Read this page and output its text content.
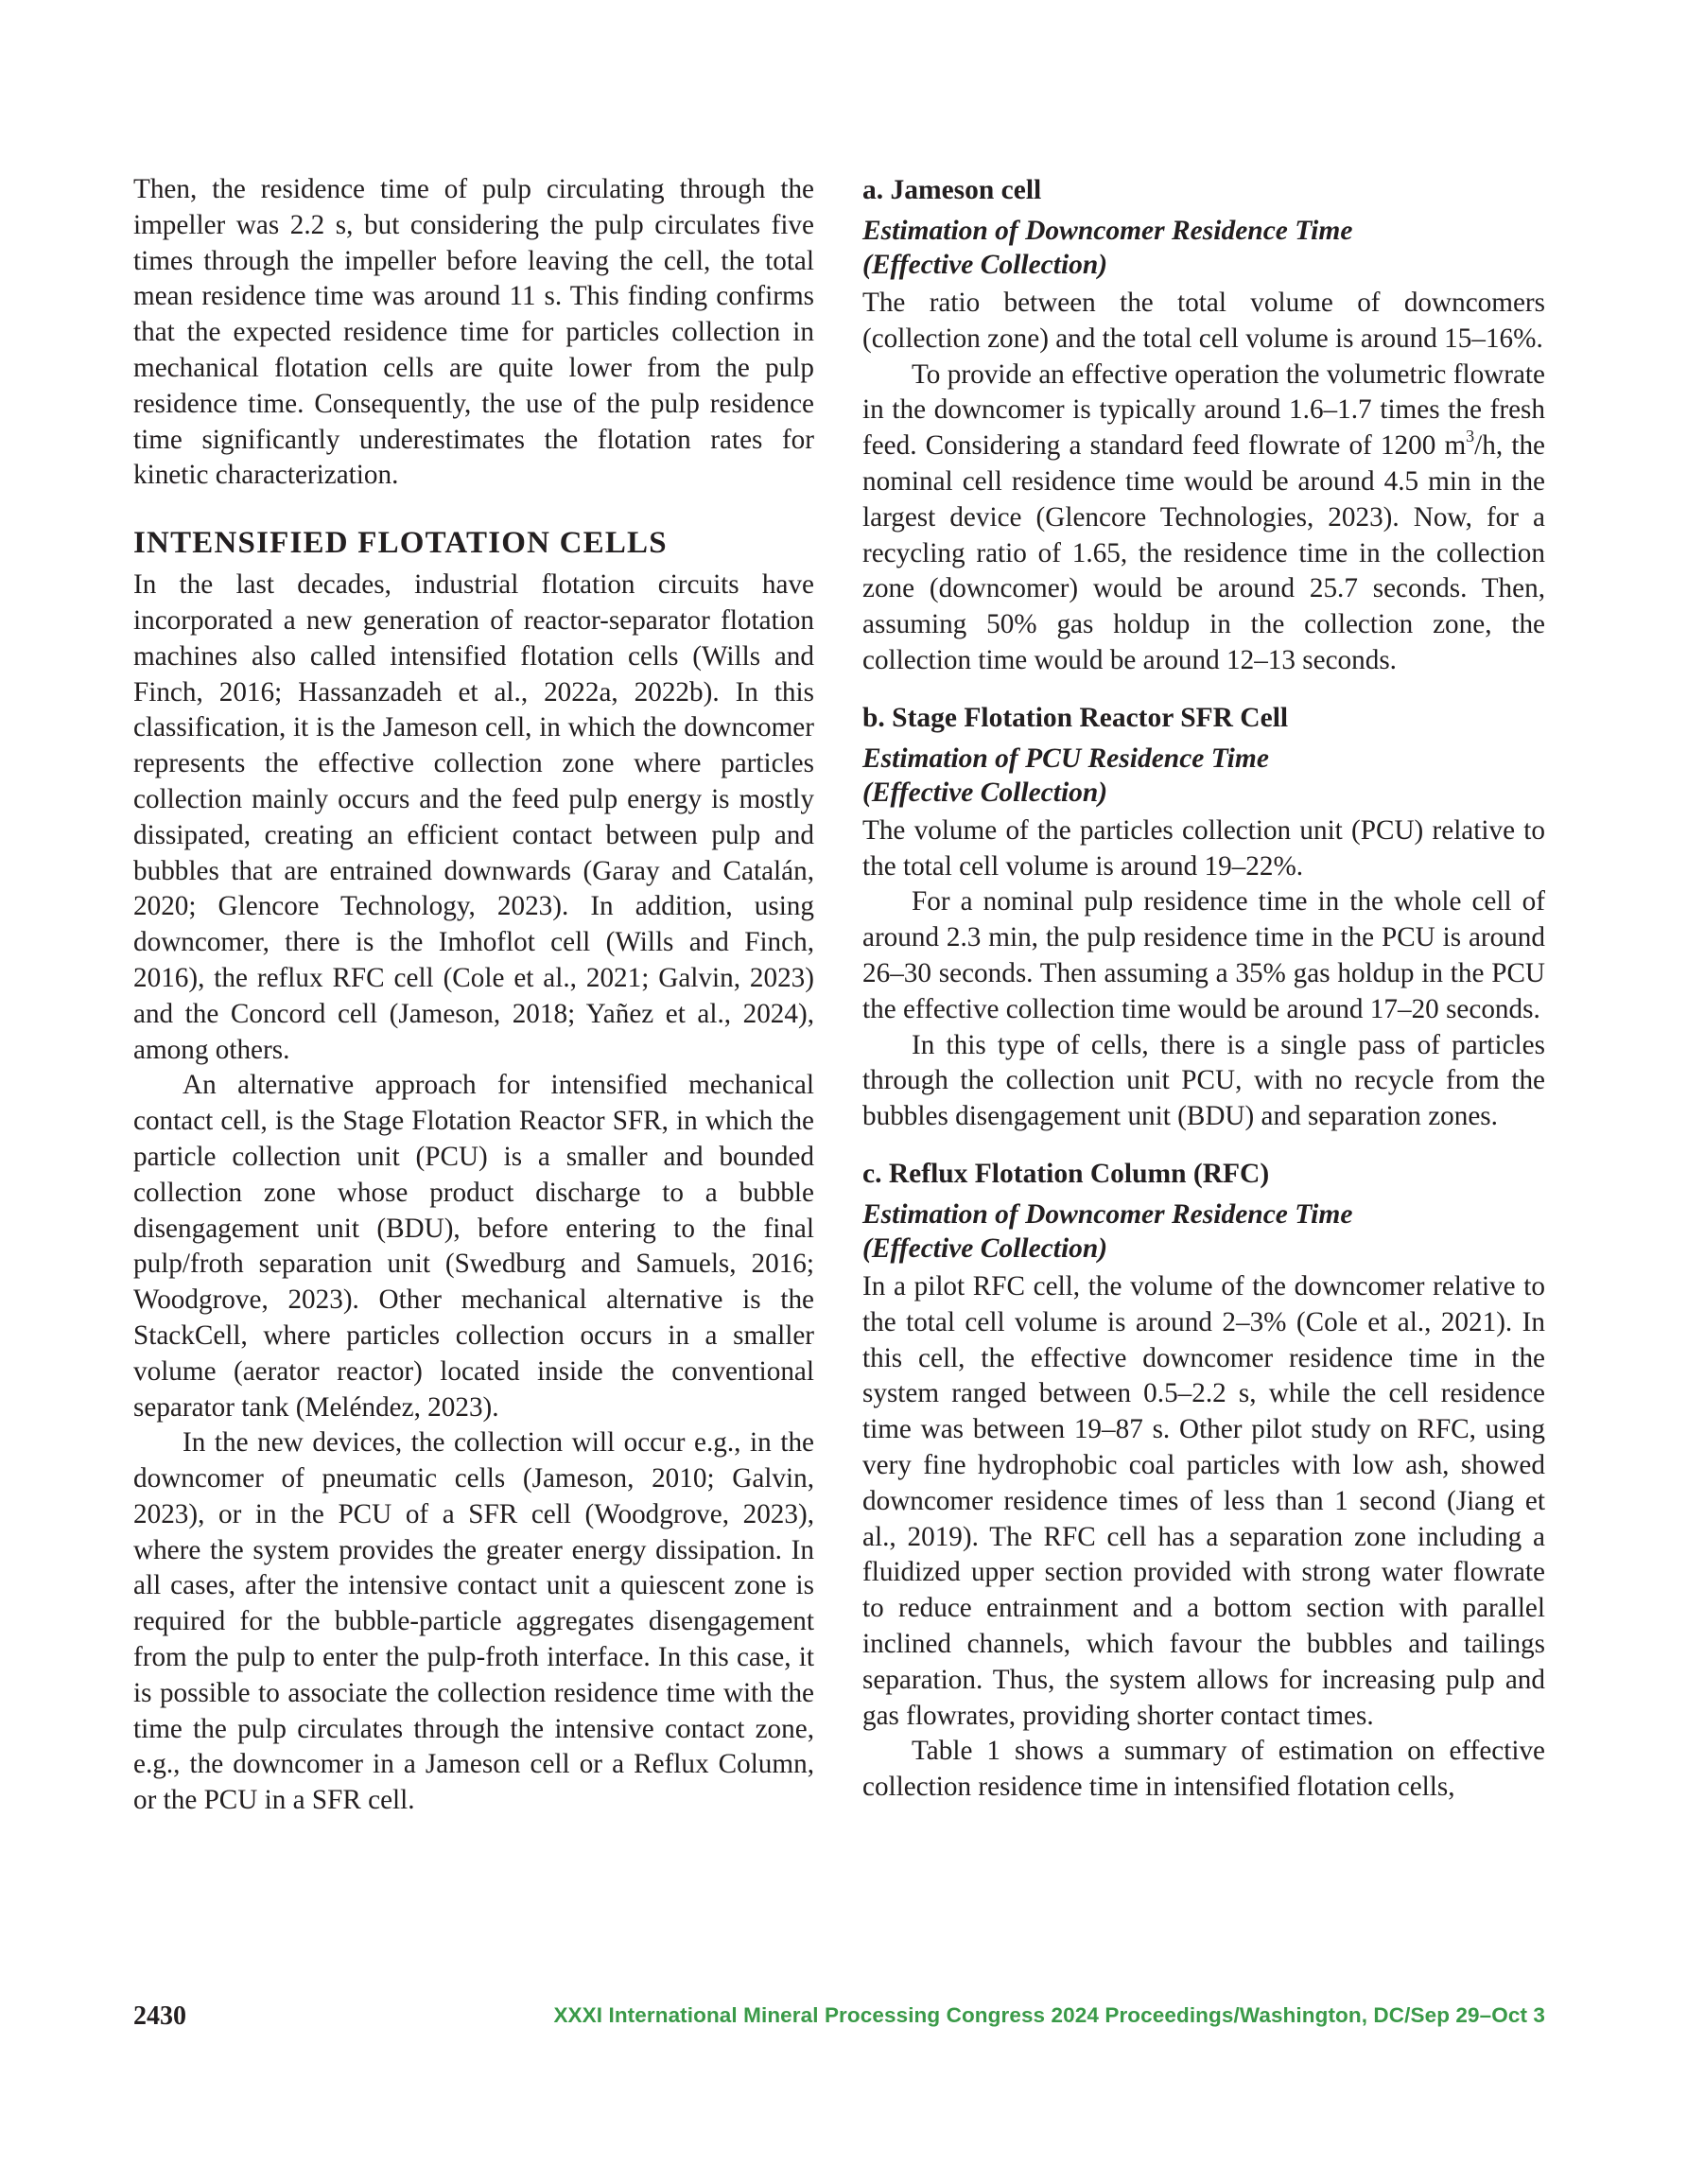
Then, the residence time of pulp circulating through the impeller was 2.2 s, but considering the pulp circulates five times through the impeller before leaving the cell, the total mean residence time was around 11 s. This finding confirms that the expected residence time for particles collection in mechanical flotation cells are quite lower from the pulp residence time. Consequently, the use of the pulp residence time significantly underestimates the flotation rates for kinetic characterization.

INTENSIFIED FLOTATION CELLS

In the last decades, industrial flotation circuits have incorporated a new generation of reactor-separator flotation machines also called intensified flotation cells (Wills and Finch, 2016; Hassanzadeh et al., 2022a, 2022b). In this classification, it is the Jameson cell, in which the downcomer represents the effective collection zone where particles collection mainly occurs and the feed pulp energy is mostly dissipated, creating an efficient contact between pulp and bubbles that are entrained downwards (Garay and Catalán, 2020; Glencore Technology, 2023). In addition, using downcomer, there is the Imhoflot cell (Wills and Finch, 2016), the reflux RFC cell (Cole et al., 2021; Galvin, 2023) and the Concord cell (Jameson, 2018; Yañez et al., 2024), among others.

An alternative approach for intensified mechanical contact cell, is the Stage Flotation Reactor SFR, in which the particle collection unit (PCU) is a smaller and bounded collection zone whose product discharge to a bubble disengagement unit (BDU), before entering to the final pulp/froth separation unit (Swedburg and Samuels, 2016; Woodgrove, 2023). Other mechanical alternative is the StackCell, where particles collection occurs in a smaller volume (aerator reactor) located inside the conventional separator tank (Meléndez, 2023).

In the new devices, the collection will occur e.g., in the downcomer of pneumatic cells (Jameson, 2010; Galvin, 2023), or in the PCU of a SFR cell (Woodgrove, 2023), where the system provides the greater energy dissipation. In all cases, after the intensive contact unit a quiescent zone is required for the bubble-particle aggregates disengagement from the pulp to enter the pulp-froth interface. In this case, it is possible to associate the collection residence time with the time the pulp circulates through the intensive contact zone, e.g., the downcomer in a Jameson cell or a Reflux Column, or the PCU in a SFR cell.

a. Jameson cell
Estimation of Downcomer Residence Time
(Effective Collection)

The ratio between the total volume of downcomers (collection zone) and the total cell volume is around 15–16%.

To provide an effective operation the volumetric flowrate in the downcomer is typically around 1.6–1.7 times the fresh feed. Considering a standard feed flowrate of 1200 $m^3/h$, the nominal cell residence time would be around 4.5 min in the largest device (Glencore Technologies, 2023). Now, for a recycling ratio of 1.65, the residence time in the collection zone (downcomer) would be around 25.7 seconds. Then, assuming 50% gas holdup in the collection zone, the collection time would be around 12–13 seconds.

b. Stage Flotation Reactor SFR Cell
Estimation of PCU Residence Time
(Effective Collection)

The volume of the particles collection unit (PCU) relative to the total cell volume is around 19–22%.

For a nominal pulp residence time in the whole cell of around 2.3 min, the pulp residence time in the PCU is around 26–30 seconds. Then assuming a 35% gas holdup in the PCU the effective collection time would be around 17–20 seconds.

In this type of cells, there is a single pass of particles through the collection unit PCU, with no recycle from the bubbles disengagement unit (BDU) and separation zones.

c. Reflux Flotation Column (RFC)
Estimation of Downcomer Residence Time
(Effective Collection)

In a pilot RFC cell, the volume of the downcomer relative to the total cell volume is around 2–3% (Cole et al., 2021). In this cell, the effective downcomer residence time in the system ranged between 0.5–2.2 s, while the cell residence time was between 19–87 s. Other pilot study on RFC, using very fine hydrophobic coal particles with low ash, showed downcomer residence times of less than 1 second (Jiang et al., 2019). The RFC cell has a separation zone including a fluidized upper section provided with strong water flowrate to reduce entrainment and a bottom section with parallel inclined channels, which favour the bubbles and tailings separation. Thus, the system allows for increasing pulp and gas flowrates, providing shorter contact times.

Table 1 shows a summary of estimation on effective collection residence time in intensified flotation cells,

2430	XXXI International Mineral Processing Congress 2024 Proceedings/Washington, DC/Sep 29–Oct 3
